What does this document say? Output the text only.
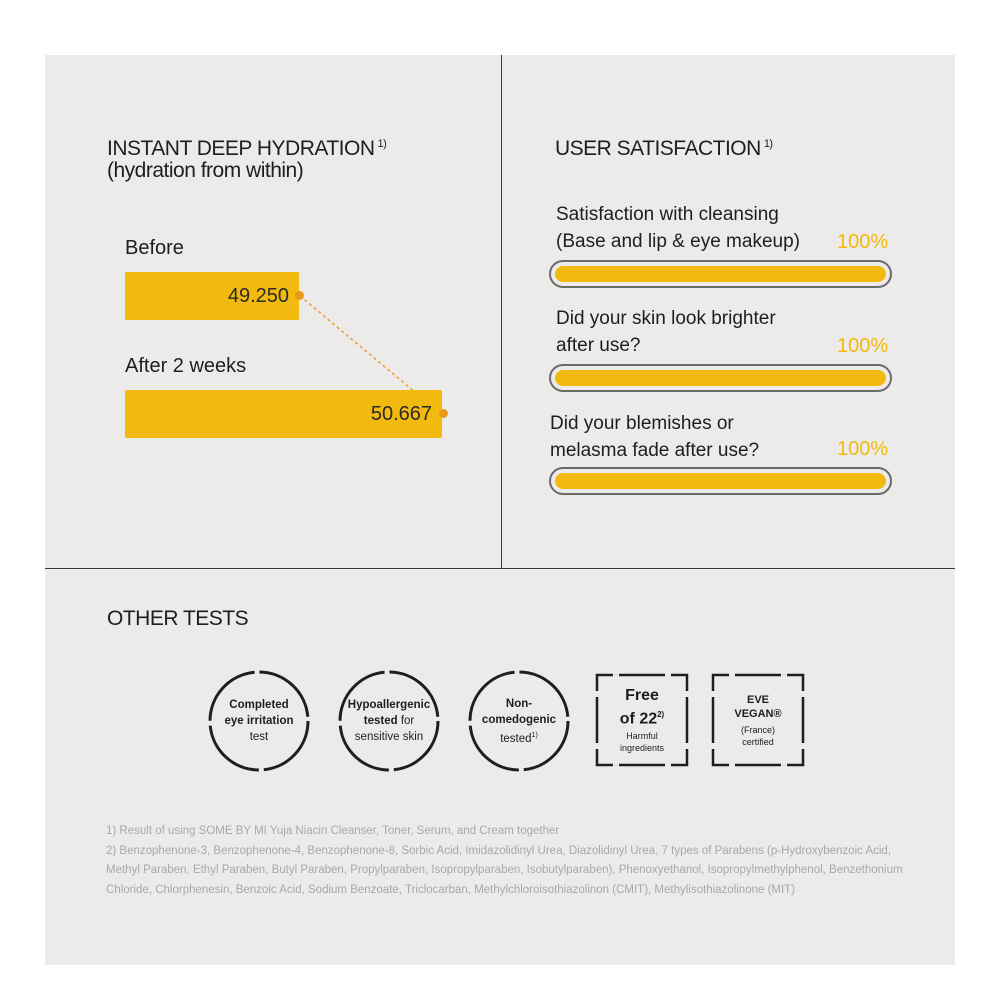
INSTANT DEEP HYDRATION $^{1)}$
(hydration from within)
Before
49.250
After 2 weeks
50.667
USER SATISFACTION $^{1)}$
Satisfaction with cleansing
(Base and lip & eye makeup) 100%
Did your skin look brighter
after use?	100%
Did your blemishes or
melasma fade after use?	100%
OTHER TESTS
Completed
eye irritation
test
Hypoallergenic
tested for
sensitive skin
Non-
comedogenic
tested$^{1)}$
Free
of 22$^{2)}$
Harmful
ingredients
EVE
VEGAN®
(France)
certified
1) Result of using SOME BY MI Yuja Niacin Cleanser, Toner, Serum, and Cream together
2) Benzophenone-3, Benzophenone-4, Benzophenone-8, Sorbic Acid, Imidazolidinyl Urea, Diazolidinyl Urea, 7 types of Parabens (p-Hydroxybenzoic Acid, Methyl Paraben, Ethyl Paraben, Butyl Paraben, Propylparaben, Isopropylparaben, Isobutylparaben), Phenoxyethanol, Isopropylmethylphenol, Benzethonium Chloride, Chlorphenesin, Benzoic Acid, Sodium Benzoate, Triclocarban, Methylchloroisothiazolinon (CMIT), Methylisothiazolinone (MIT)
